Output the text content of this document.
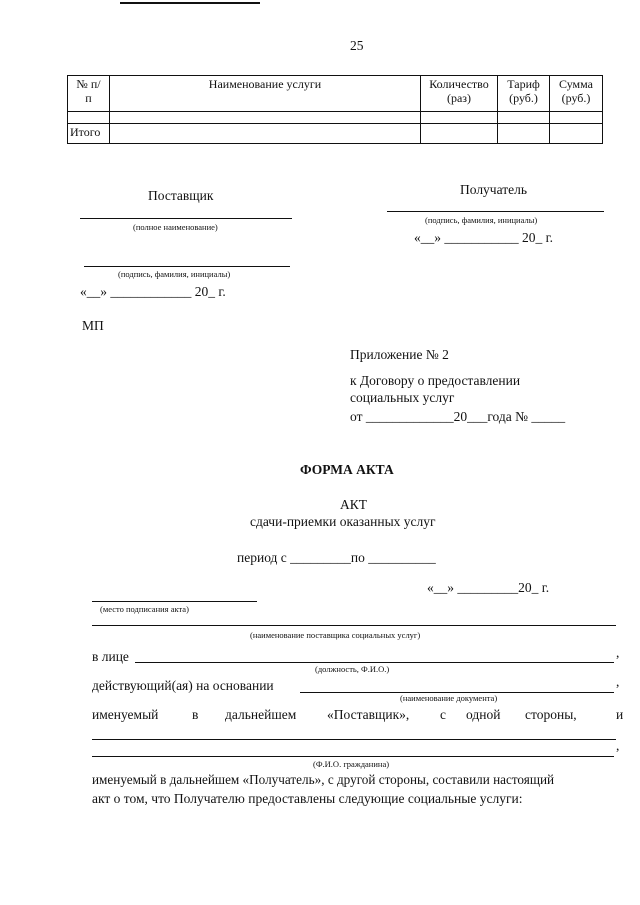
25
№ п/п	Наименование услуги	Количество (раз)	Тариф (руб.)	Сумма (руб.)

Итого				
Поставщик
(полное наименование)
(подпись, фамилия, инициалы)
«__» ____________ 20_ г.
МП
Получатель
(подпись, фамилия, инициалы)
«__» ___________ 20_ г.
Приложение № 2
к Договору о предоставлении
социальных услуг
от _____________20___года № _____
ФОРМА АКТА
АКТ
сдачи-приемки оказанных услуг
период с _________по __________
«__» _________20_ г.
(место подписания акта)
(наименование поставщика социальных услуг)
в лице	,
(должность, Ф.И.О.)
действующий(ая) на основании	,
(наименование документа)
именуемый в дальнейшем «Поставщик», с одной стороны,	и
,
(Ф.И.О. гражданина)
именуемый в дальнейшем «Получатель», с другой стороны, составили настоящий
акт о том, что Получателю предоставлены следующие социальные услуги:
